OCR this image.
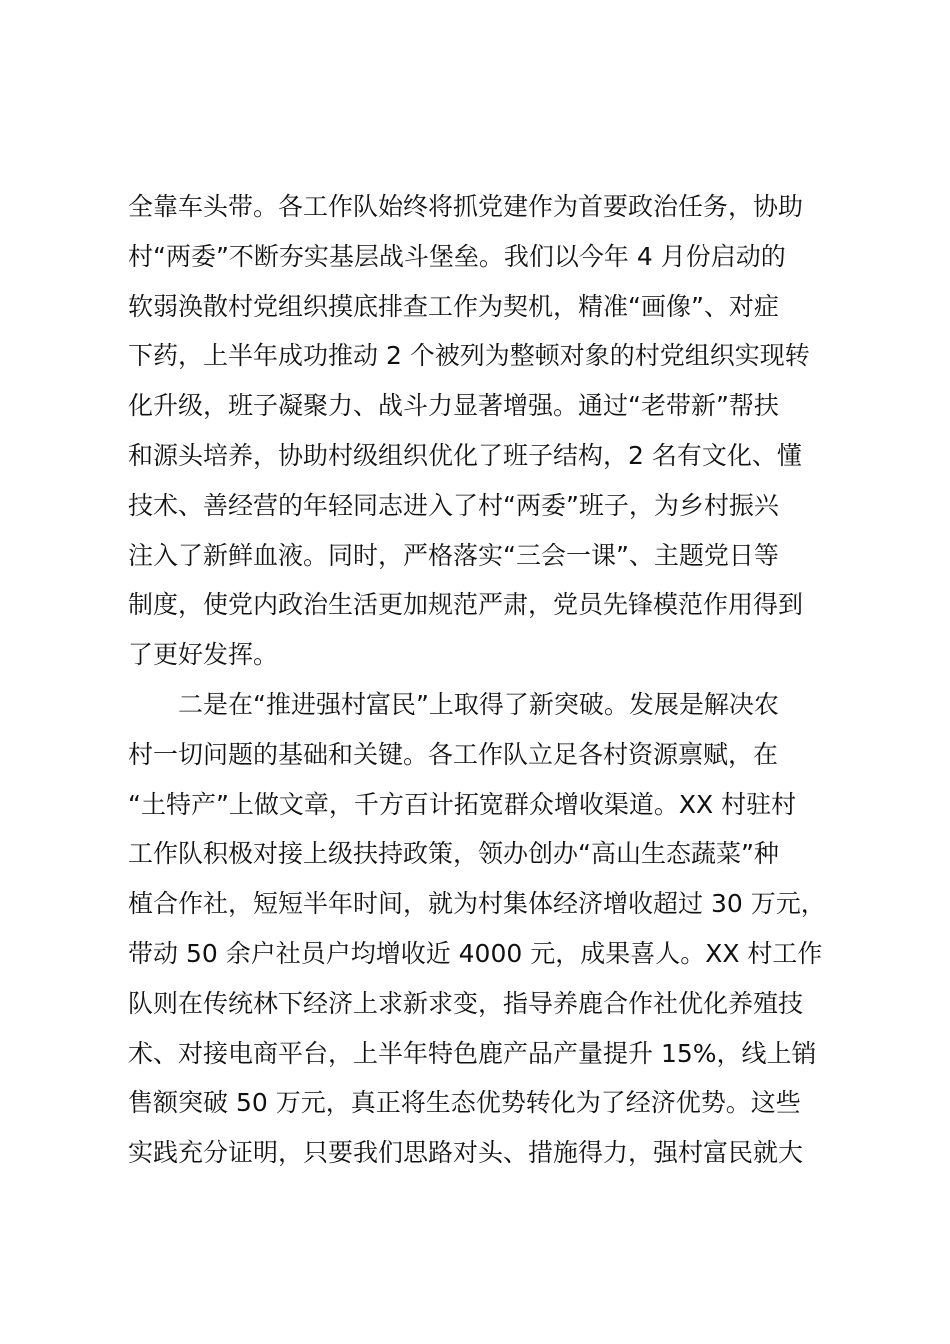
全靠车头带。各工作队始终将抓党建作为首要政治任务，协助
村“两委”不断夯实基层战斗堡垒。我们以今年 4 月份启动的
软弱涣散村党组织摸底排查工作为契机，精准“画像”、对症
下药，上半年成功推动 2 个被列为整顿对象的村党组织实现转
化升级，班子凝聚力、战斗力显著增强。通过“老带新”帮扶
和源头培养，协助村级组织优化了班子结构，2 名有文化、懂
技术、善经营的年轻同志进入了村“两委”班子，为乡村振兴
注入了新鲜血液。同时，严格落实“三会一课”、主题党日等
制度，使党内政治生活更加规范严肃，党员先锋模范作用得到
了更好发挥。
二是在“推进强村富民”上取得了新突破。发展是解决农
村一切问题的基础和关键。各工作队立足各村资源禀赋，在
“土特产”上做文章，千方百计拓宽群众增收渠道。XX 村驻村
工作队积极对接上级扶持政策，领办创办“高山生态蔬菜”种
植合作社，短短半年时间，就为村集体经济增收超过 30 万元，
带动 50 余户社员户均增收近 4000 元，成果喜人。XX 村工作
队则在传统林下经济上求新求变，指导养鹿合作社优化养殖技
术、对接电商平台，上半年特色鹿产品产量提升 15%，线上销
售额突破 50 万元，真正将生态优势转化为了经济优势。这些
实践充分证明，只要我们思路对头、措施得力，强村富民就大
